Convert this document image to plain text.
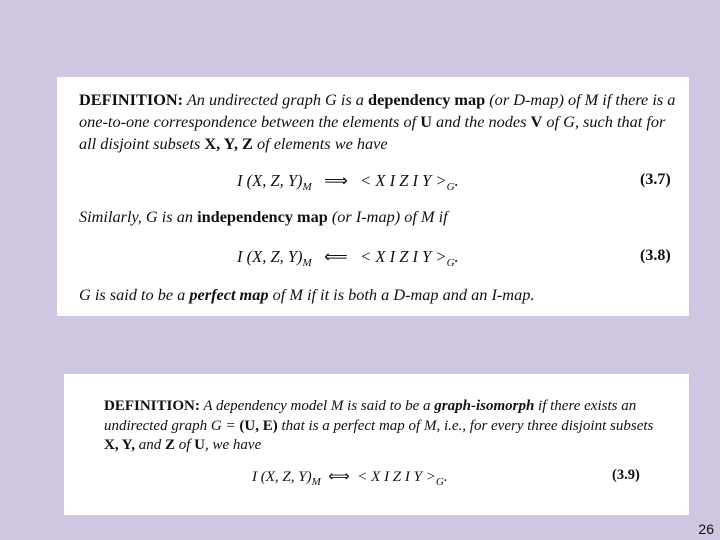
DEFINITION: An undirected graph G is a dependency map (or D-map) of M if there is a one-to-one correspondence between the elements of U and the nodes V of G, such that for all disjoint subsets X, Y, Z of elements we have

I (X, Z, $Y)_M$ ⟹ < X I Z I $Y >_G$.	(3.7)

Similarly, G is an independency map (or I-map) of M if

I (X, Z, $Y)_M$ ⟸ < X I Z I $Y >_G$.	(3.8)

G is said to be a perfect map of M if it is both a D-map and an I-map.

DEFINITION: A dependency model M is said to be a graph-isomorph if there exists an undirected graph G = (U, E) that is a perfect map of M, i.e., for every three disjoint subsets X, Y, and Z of U, we have

I (X, Z, $Y)_M$ ⟺ < X I Z I $Y >_G$.	(3.9)
26
